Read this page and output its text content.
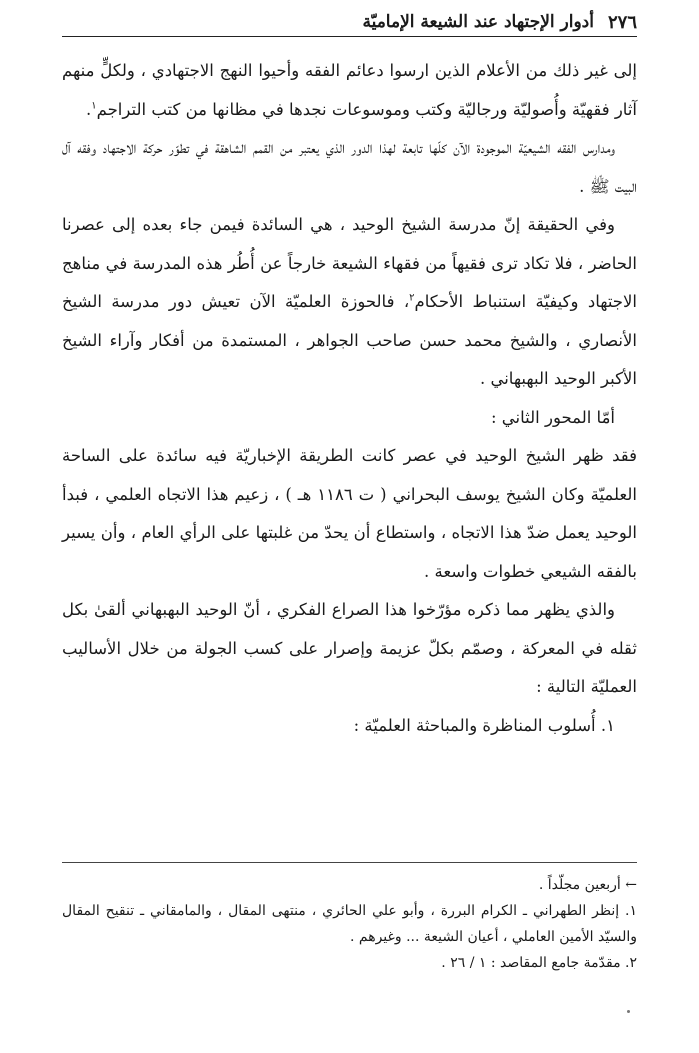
٢٧٦
أدوار الإجتهاد عند الشيعة الإماميّة

إلى غير ذلك من الأعلام الذين ارسوا دعائم الفقه وأحيوا النهج الاجتهادي ، ولكلٍّ منهم آثار فقهيّة وأُصوليّة ورجاليّة وكتب وموسوعات نجدها في مظانها من كتب التراجم$^١$.

ومدارس الفقه الشيعيّة الموجودة الآن كلّها تابعة لهذا الدور الذي يعتبر من القمم الشاهقة في تطوّر حركة الاجتهاد وفقه آل البيت ﷺ .

وفي الحقيقة إنّ مدرسة الشيخ الوحيد ، هي السائدة فيمن جاء بعده إلى عصرنا الحاضر ، فلا تكاد ترى فقيهاً من فقهاء الشيعة خارجاً عن أُطُر هذه المدرسة في مناهج الاجتهاد وكيفيّة استنباط الأحكام$^٢$، فالحوزة العلميّة الآن تعيش دور مدرسة الشيخ الأنصاري ، والشيخ محمد حسن صاحب الجواهر ، المستمدة من أفكار وآراء الشيخ الأكبر الوحيد البهبهاني .

أمّا المحور الثاني :

فقد ظهر الشيخ الوحيد في عصر كانت الطريقة الإخباريّة فيه سائدة على الساحة العلميّة وكان الشيخ يوسف البحراني ( ت ١١٨٦ هـ ) ، زعيم هذا الاتجاه العلمي ، فبدأ الوحيد يعمل ضدّ هذا الاتجاه ، واستطاع أن يحدّ من غلبتها على الرأي العام ، وأن يسير بالفقه الشيعي خطوات واسعة .

والذي يظهر مما ذكره مؤرّخوا هذا الصراع الفكري ، أنّ الوحيد البهبهاني ألقىٰ بكل ثقله في المعركة ، وصمّم بكلّ عزيمة وإصرار على كسب الجولة من خلال الأساليب العمليّة التالية :

١. أُسلوب المناظرة والمباحثة العلميّة :

← أربعين مجلّداً .

١. إنظر الطهراني ـ الكرام البررة ، وأبو علي الحائري ، منتهى المقال ، والمامقاني ـ تنقيح المقال والسيّد الأمين العاملي ، أعيان الشيعة ... وغيرهم .

٢. مقدّمة جامع المقاصد : ١ / ٢٦ .
